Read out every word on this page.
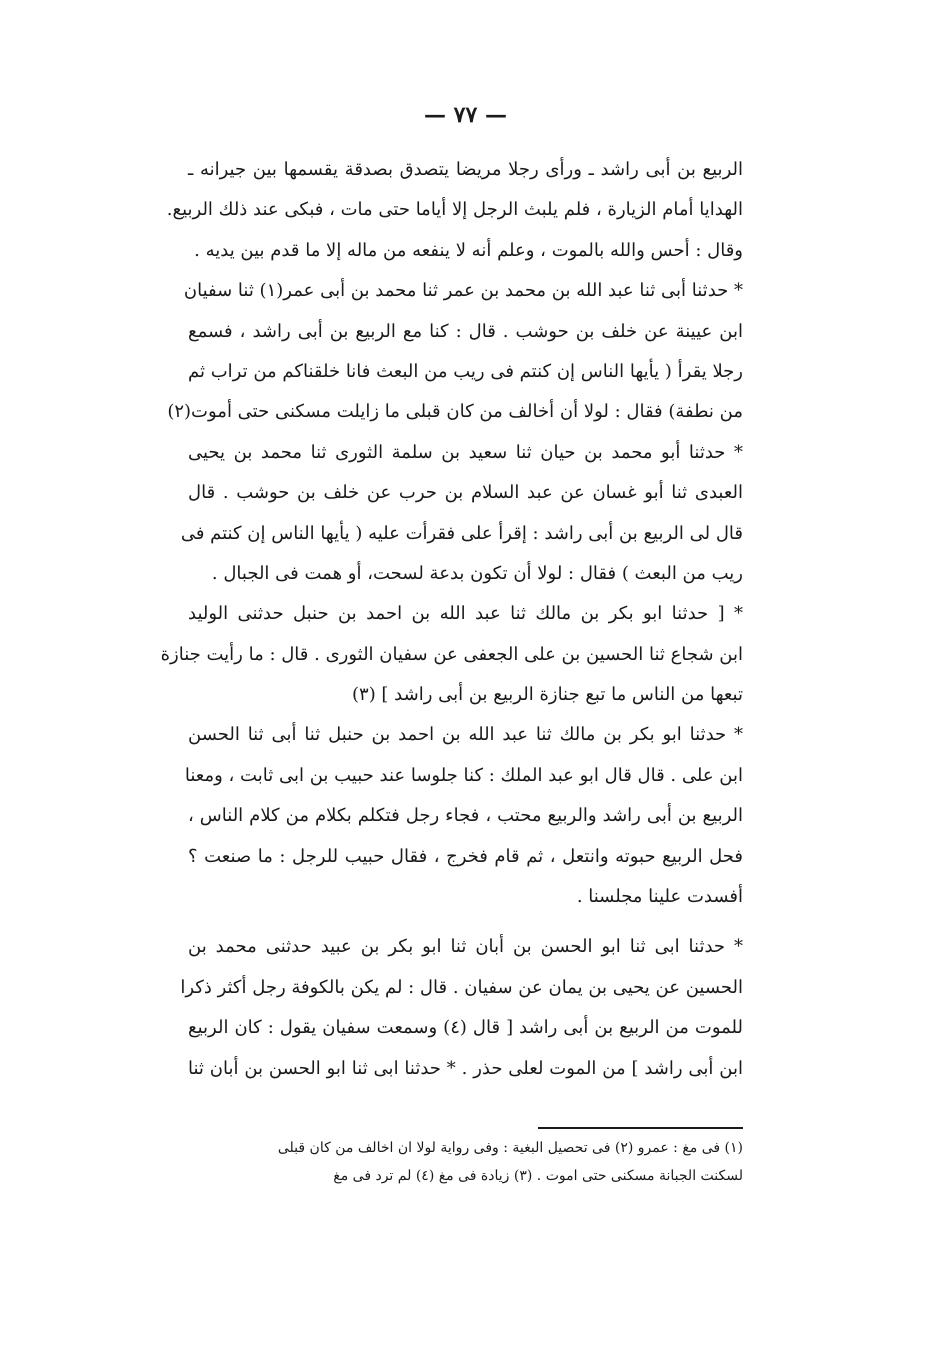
— ٧٧ —
الربيع بن أبى راشد ـ ورأى رجلا مريضا يتصدق بصدقة يقسمها بين جيرانه ـ
الهدايا أمام الزيارة ، فلم يلبث الرجل إلا أياما حتى مات ، فبكى عند ذلك الربيع.
وقال : أحس والله بالموت ، وعلم أنه لا ينفعه من ماله إلا ما قدم بين يديه .
* حدثنا أبى ثنا عبد الله بن محمد بن عمر ثنا محمد بن أبى عمر(١) ثنا سفيان
ابن عيينة عن خلف بن حوشب . قال : كنا مع الربيع بن أبى راشد ، فسمع
رجلا يقرأ ( يأيها الناس إن كنتم فى ريب من البعث فانا خلقناكم من تراب ثم
من نطفة) فقال : لولا أن أخالف من كان قبلى ما زايلت مسكنى حتى أموت(٢)
* حدثنا أبو محمد بن حيان ثنا سعيد بن سلمة الثورى ثنا محمد بن يحيى
العبدى ثنا أبو غسان عن عبد السلام بن حرب عن خلف بن حوشب . قال
قال لى الربيع بن أبى راشد : إقرأ على فقرأت عليه ( يأيها الناس إن كنتم فى
ريب من البعث ) فقال : لولا أن تكون بدعة لسحت، أو همت فى الجبال .
* [ حدثنا ابو بكر بن مالك ثنا عبد الله بن احمد بن حنبل حدثنى الوليد
ابن شجاع ثنا الحسين بن على الجعفى عن سفيان الثورى . قال : ما رأيت جنازة
تبعها من الناس ما تبع جنازة الربيع بن أبى راشد ] (٣)
* حدثنا ابو بكر بن مالك ثنا عبد الله بن احمد بن حنبل ثنا أبى ثنا الحسن
ابن على . قال قال ابو عبد الملك : كنا جلوسا عند حبيب بن ابى ثابت ، ومعنا
الربيع بن أبى راشد والربيع محتب ، فجاء رجل فتكلم بكلام من كلام الناس ،
فحل الربيع حبوته وانتعل ، ثم قام فخرج ، فقال حبيب للرجل : ما صنعت ؟
أفسدت علينا مجلسنا .
* حدثنا ابى ثنا ابو الحسن بن أبان ثنا ابو بكر بن عبيد حدثنى محمد بن
الحسين عن يحيى بن يمان عن سفيان . قال : لم يكن بالكوفة رجل أكثر ذكرا
للموت من الربيع بن أبى راشد [ قال (٤) وسمعت سفيان يقول : كان الربيع
ابن أبى راشد ] من الموت لعلى حذر . * حدثنا ابى ثنا ابو الحسن بن أبان ثنا
(١) فى مغ : عمرو (٢) فى تحصيل البغية : وفى رواية لولا ان اخالف من كان قبلى
لسكنت الجبانة مسكنى حتى اموت . (٣) زيادة فى مغ (٤) لم ترد فى مغ
